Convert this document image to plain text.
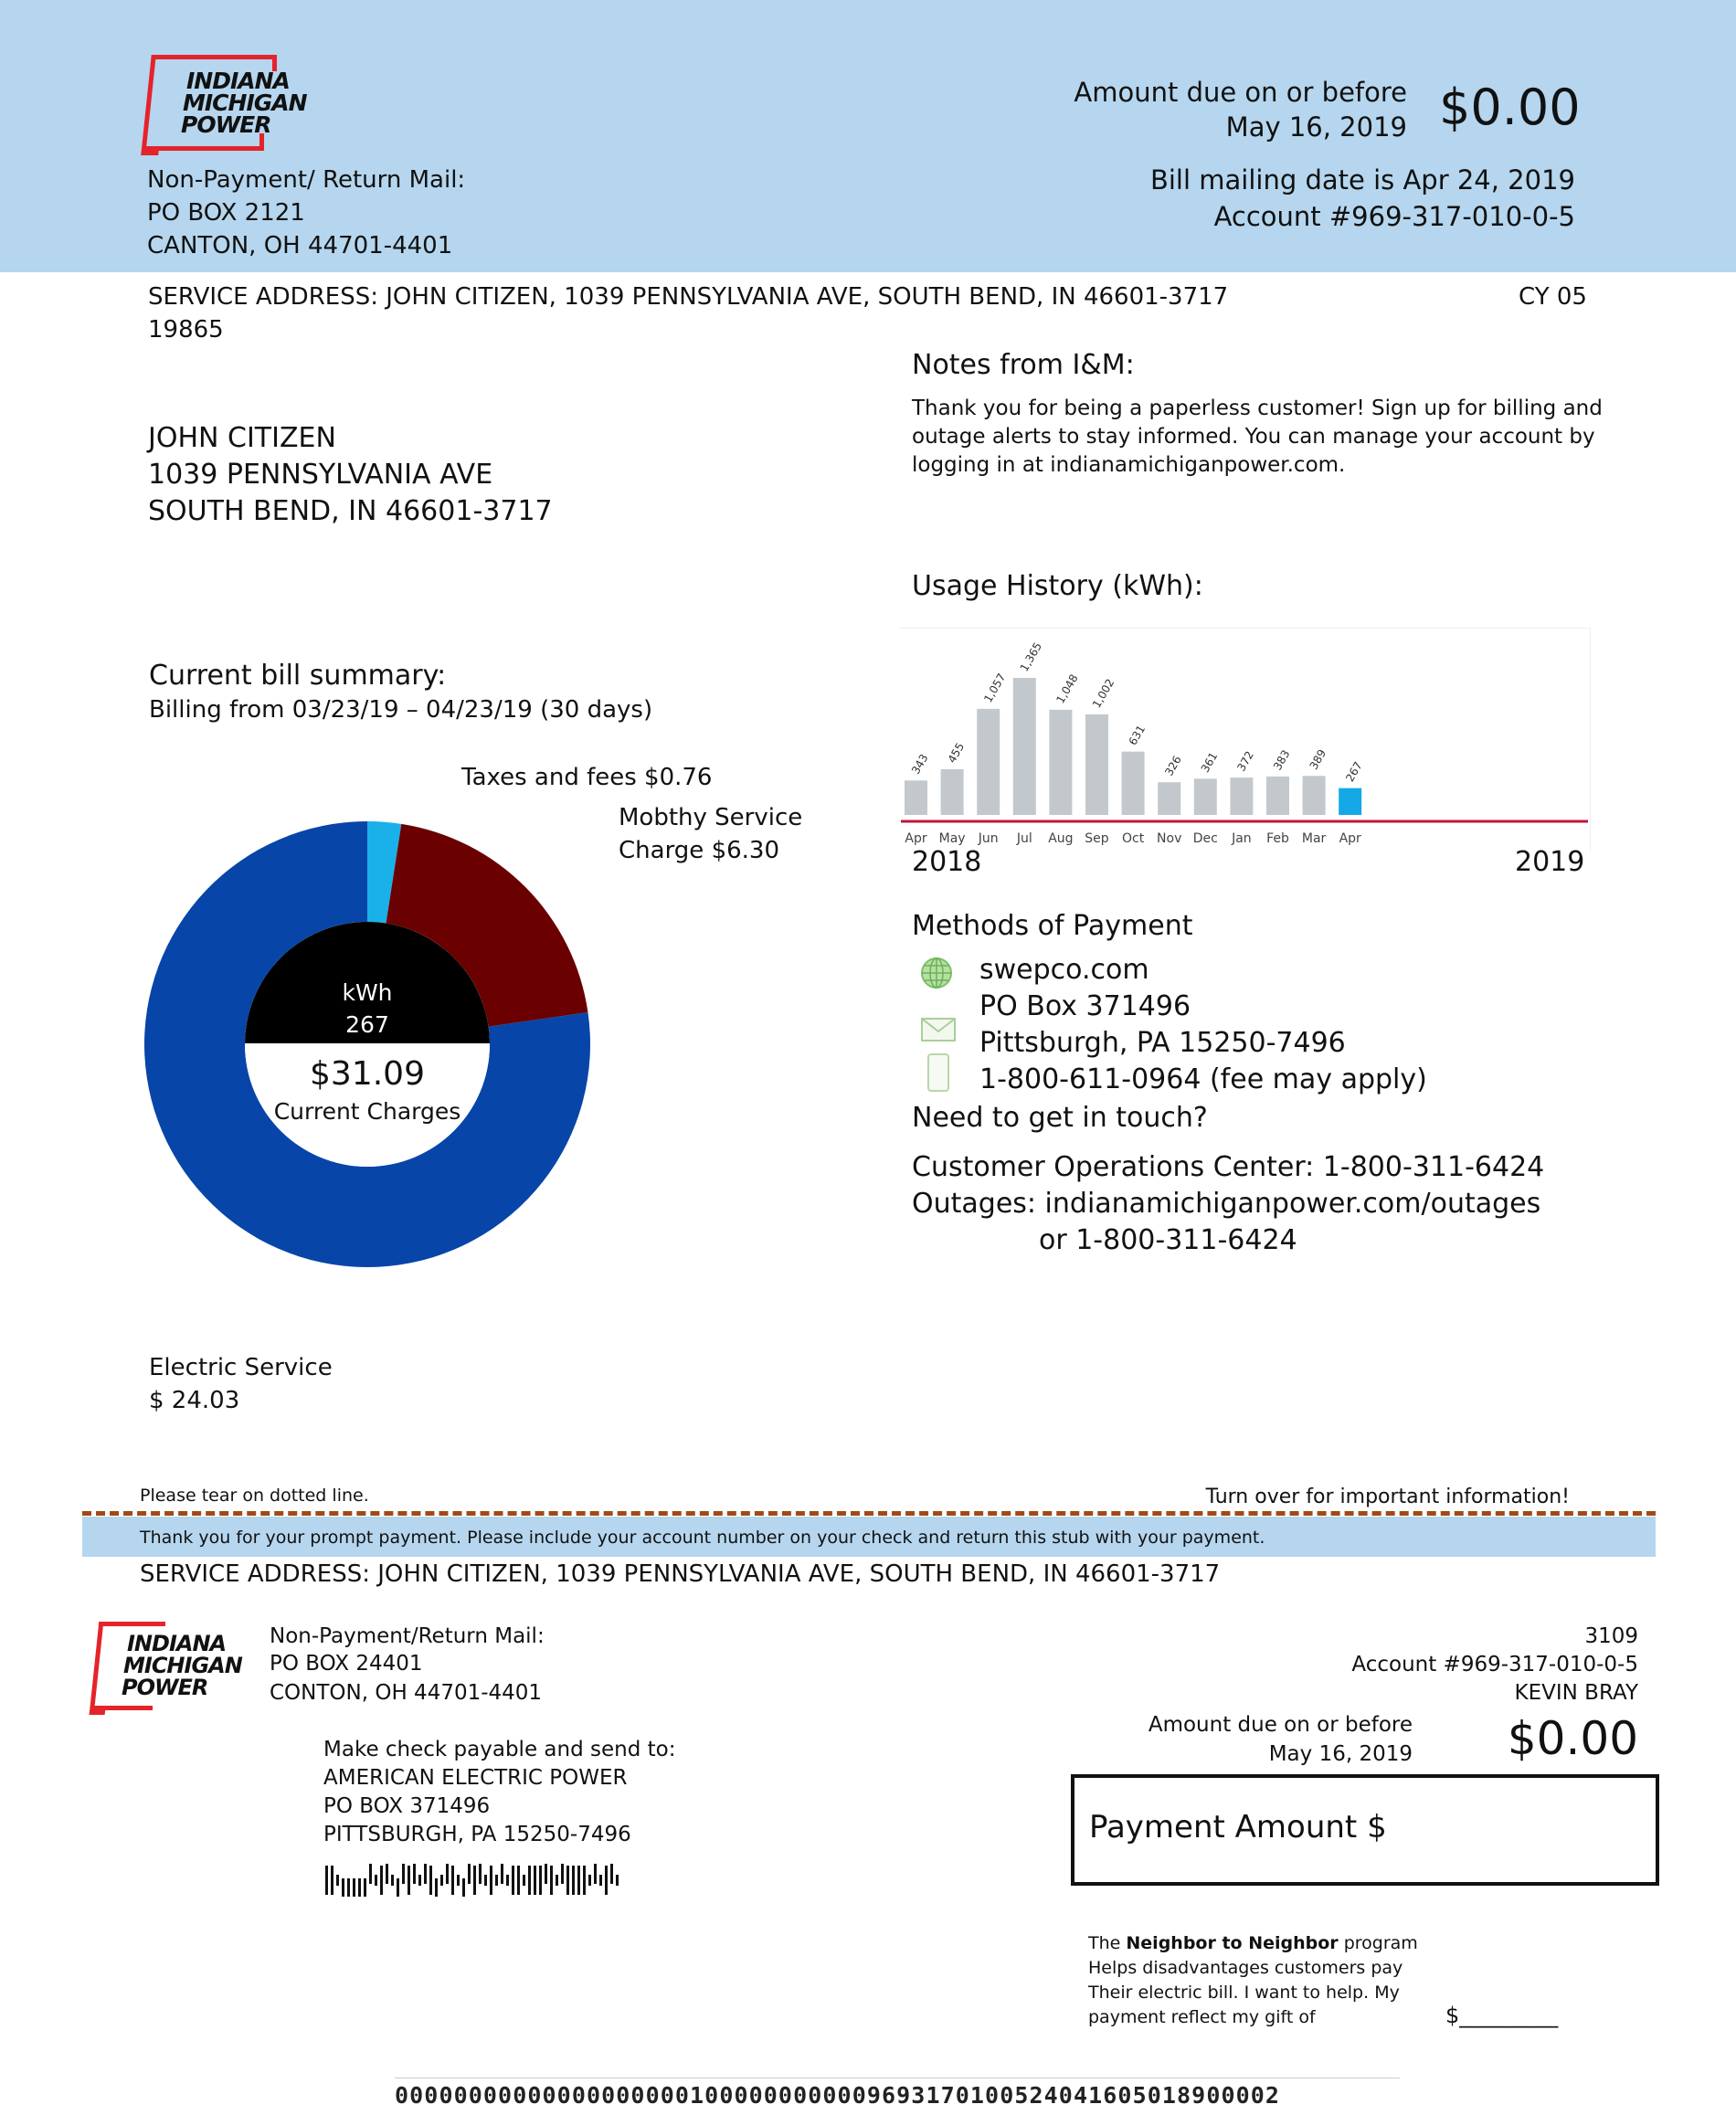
INDIANA
MICHIGAN
POWER
Non-Payment/ Return Mail:
PO BOX 2121
CANTON, OH 44701-4401
Amount due on or before
May 16, 2019 $0.00
Bill mailing date is Apr 24, 2019
Account #969-317-010-0-5
SERVICE ADDRESS: JOHN CITIZEN, 1039 PENNSYLVANIA AVE, SOUTH BEND, IN 46601-3717
19865
CY 05
JOHN CITIZEN
1039 PENNSYLVANIA AVE
SOUTH BEND, IN 46601-3717
Notes from I&M:
Thank you for being a paperless customer! Sign up for billing and
outage alerts to stay informed. You can manage your account by
logging in at indianamichiganpower.com.
Current bill summary:
Billing from 03/23/19 – 04/23/19 (30 days)
Taxes and fees $0.76
Mobthy Service
Charge $6.30
kWh
267
$31.09
Current Charges
Electric Service
$ 24.03
Usage History (kWh):
343
Apr
455
May
1,057
Jun
1,365
Jul
1,048
Aug
1,002
Sep
631
Oct
326
Nov
361
Dec
372
Jan
383
Feb
389
Mar
267
Apr
2018	2019
Methods of Payment
swepco.com
PO Box 371496
Pittsburgh, PA 15250-7496
1-800-611-0964 (fee may apply)
Need to get in touch?
Customer Operations Center: 1-800-311-6424
Outages: indianamichiganpower.com/outages
or 1-800-311-6424
Please tear on dotted line.	Turn over for important information!
Thank you for your prompt payment. Please include your account number on your check and return this stub with your payment.
SERVICE ADDRESS: JOHN CITIZEN, 1039 PENNSYLVANIA AVE, SOUTH BEND, IN 46601-3717
INDIANA
MICHIGAN
POWER
Non-Payment/Return Mail:
PO BOX 24401
CONTON, OH 44701-4401
Make check payable and send to:
AMERICAN ELECTRIC POWER
PO BOX 371496
PITTSBURGH, PA 15250-7496
3109
Account #969-317-010-0-5
KEVIN BRAY
Amount due on or before
May 16, 2019 $0.00
Payment Amount $
The Neighbor to Neighbor program
Helps disadvantages customers pay
Their electric bill. I want to help. My
payment reflect my gift of	$_________
000000000000000000001000000000009693170100524041605018900002
